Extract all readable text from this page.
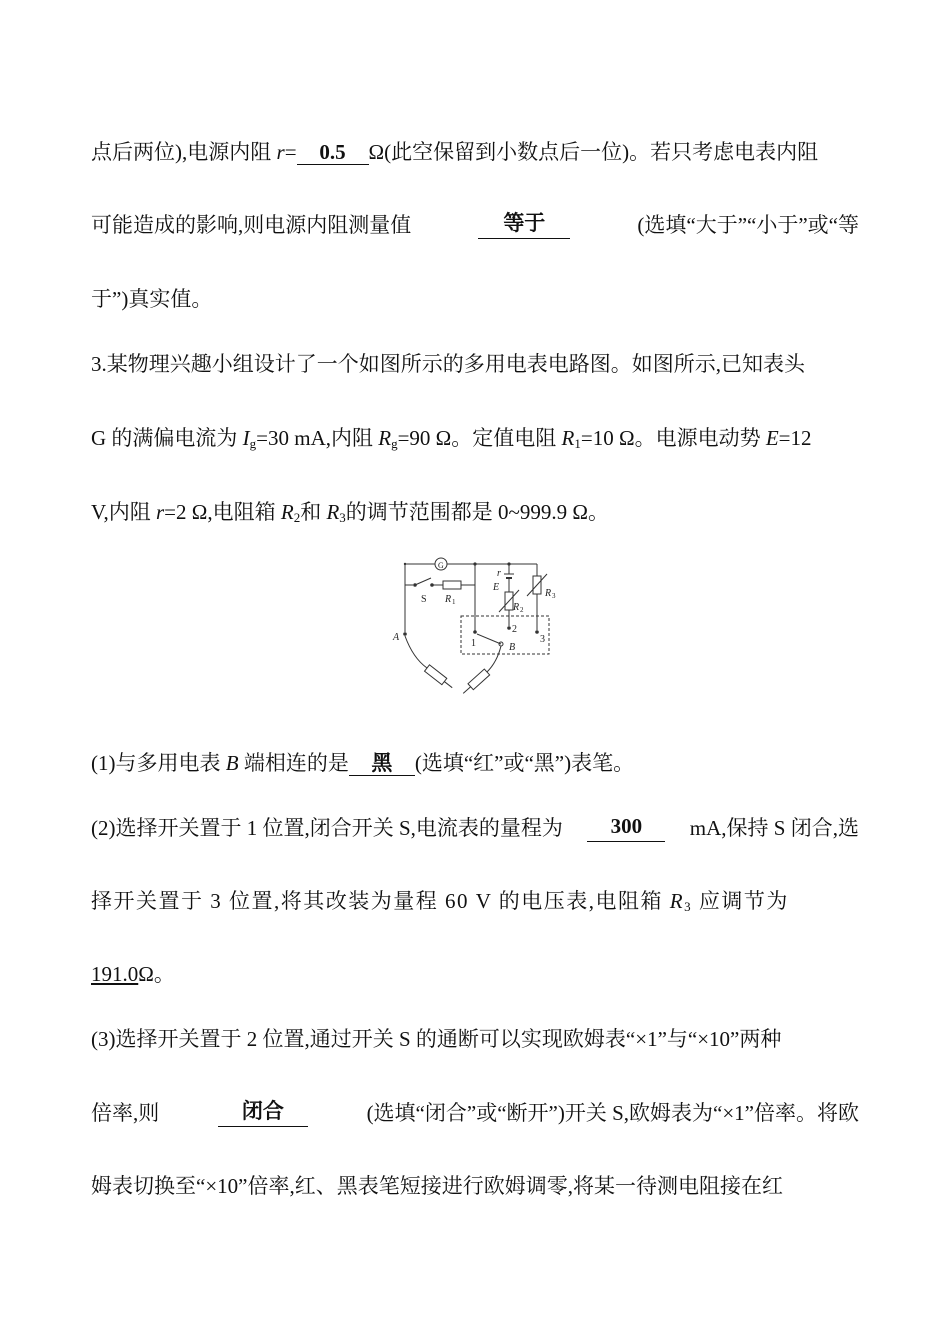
点后两位),电源内阻 r= 0.5 Ω(此空保留到小数点后一位)。若只考虑电表内阻
可能造成的影响,则电源内阻测量值	等于	(选填“大于”“小于”或“等
于”)真实值。
3.某物理兴趣小组设计了一个如图所示的多用电表电路图。如图所示,已知表头
G 的满偏电流为 $I_g=30$ mA,内阻 $R_g=90$ Ω。定值电阻 $R_1=10$ Ω。电源电动势 E=12
V,内阻 r=2 Ω,电阻箱 $R_2$和 $R_3$的调节范围都是 0~999.9 Ω。
G
S R 1
r
E
R 2
R 3
A
B
1
2
3
(1)与多用电表 B 端相连的是 黑 (选填“红”或“黑”)表笔。
(2)选择开关置于 1 位置,闭合开关 S,电流表的量程为	300	mA,保持 S 闭合,选
择开关置于 3 位置,将其改装为量程 60 V 的电压表,电阻箱 $R_3$ 应调节为
191.0Ω。
(3)选择开关置于 2 位置,通过开关 S 的通断可以实现欧姆表“×1”与“×10”两种
倍率,则	闭合	(选填“闭合”或“断开”)开关 S,欧姆表为“×1”倍率。将欧
姆表切换至“×10”倍率,红、黑表笔短接进行欧姆调零,将某一待测电阻接在红
